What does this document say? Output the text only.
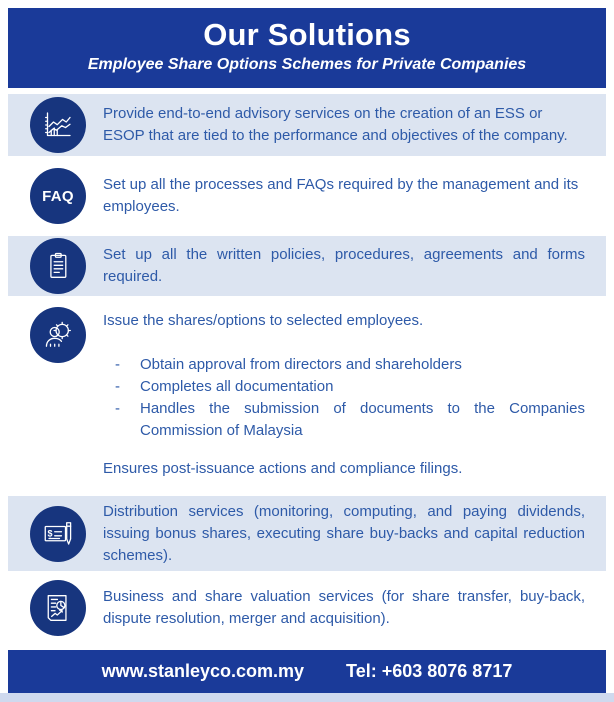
Our Solutions
Employee Share Options Schemes for Private Companies

Provide end-to-end advisory services on the creation of an ESS or ESOP that are tied to the performance and objectives of the company.

FAQ

Set up all the processes and FAQs required by the management and its employees.

Set up all the written policies, procedures, agreements and forms required.

Issue the shares/options to selected employees.

-	Obtain approval from directors and shareholders
-	Completes all documentation
-	Handles the submission of documents to the Companies Commission of Malaysia

Ensures post-issuance actions and compliance filings.

$

Distribution services (monitoring, computing, and paying dividends, issuing bonus shares, executing share buy-backs and capital reduction schemes).

Business and share valuation services (for share transfer, buy-back, dispute resolution, merger and acquisition).

www.stanleyco.com.my Tel: +603 8076 8717
